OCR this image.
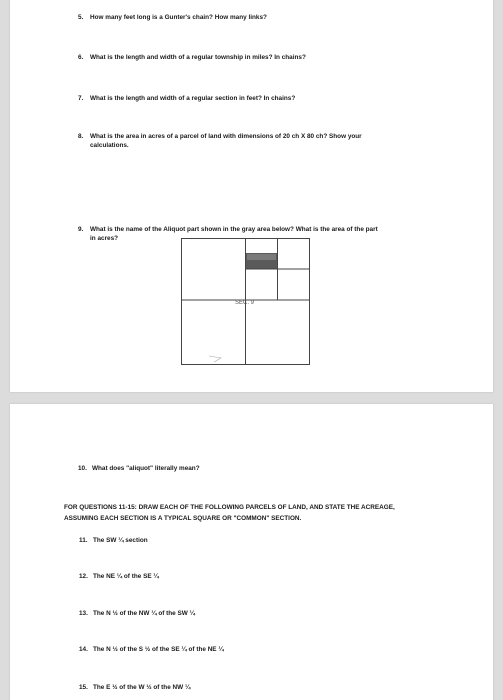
5. How many feet long is a Gunter's chain? How many links?
6. What is the length and width of a regular township in miles? In chains?
7. What is the length and width of a regular section in feet? In chains?
8. What is the area in acres of a parcel of land with dimensions of 20 ch X 80 ch? Show your
calculations.
9. What is the name of the Aliquot part shown in the gray area below? What is the area of the part
in acres?
SEC. 9
10. What does "aliquot" literally mean?
FOR QUESTIONS 11-15: DRAW EACH OF THE FOLLOWING PARCELS OF LAND, AND STATE THE ACREAGE,
ASSUMING EACH SECTION IS A TYPICAL SQUARE OR "COMMON" SECTION.
11. The SW ¼ section
12. The NE ¼ of the SE ¼
13. The N ½ of the NW ¼ of the SW ¼
14. The N ½ of the S ½ of the SE ¼ of the NE ¼
15. The E ½ of the W ½ of the NW ¼
